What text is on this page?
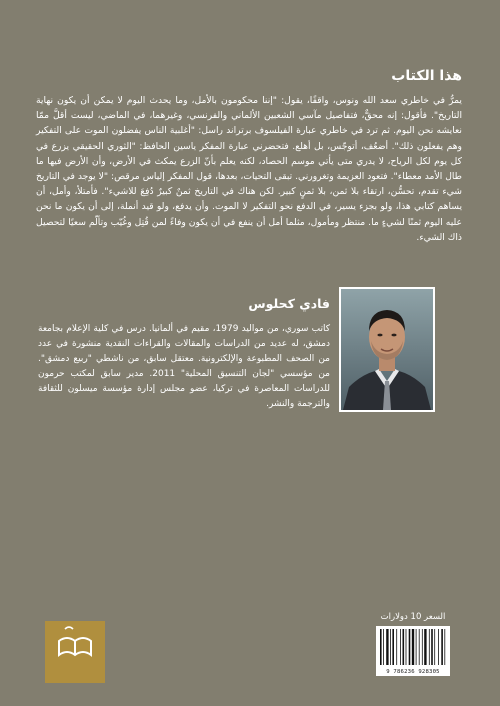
هذا الكتاب
يمرُّ في خاطري سعد الله ونوس، واقفًا، يقول: "إننا محكومون بالأمل، وما يحدث اليوم لا يمكن أن يكون نهاية التاريخ". فأقول: إنه محقٌّ، فتفاصيل مآسي الشعبين الألماني والفرنسي، وغيرهما، في الماضي، ليست أقلَّ ممّا نعايشه نحن اليوم. ثم ترد في خاطري عبارة الفيلسوف برتراند راسل: "أغلبية الناس يفضلون الموت على التفكير وهم يفعلون ذلك". أضعُف، أتوجّس، بل أهلع. فتحضرني عبارة المفكر ياسين الحافظ: "الثوري الحقيقي يزرع في كل يوم لكل الرياح، لا يدري متى يأتي موسم الحصاد، لكنه يعلم بأنّ الزرع يمكث في الأرض، وأن الأرض فيها ما طال الأمد معطاء". فتعود العزيمة وتغرورني. تبقى التحيات، بعدها، قول المفكر إلياس مرقص: "لا يوجد في التاريخ شيء تقدم، تحسُّن، ارتقاء بلا ثمن، بلا ثمنٍ كبير. لكن هناك في التاريخ ثمنٌ كبيرٌ دُفِعَ للاشيء". فأمتلأ، وأمل، أن يساهم كتابي هذا، ولو بجزء يسير، في الدفع نحو التفكير لا الموت. وأن يدفع، ولو قيد أنملة، إلى أن يكون ما نحن عليه اليوم ثمنًا لشيءٍ ما. منتظر ومأمول، مثلما أمل أن ينفع في أن يكون وفاءً لمن قُتِل وغُيّب وتألّم سعيًا لتحصيل ذاك الشيء.
فادي كحلوس
كاتب سوري، من مواليد 1979، مقيم في ألمانيا. درس في كلية الإعلام بجامعة دمشق، له عديد من الدراسات والمقالات والقراءات النقدية منشورة في عدد من الصحف المطبوعة والإلكترونية. معتقل سابق، من ناشطي "ربيع دمشق". من مؤسسي "لجان التنسيق المحلية" 2011. مدير سابق لمكتب حرمون للدراسات المعاصرة في تركيا، عضو مجلس إدارة مؤسسة ميسلون للثقافة والترجمة والنشر.
السعر 10 دولارات
9 786236 928305
